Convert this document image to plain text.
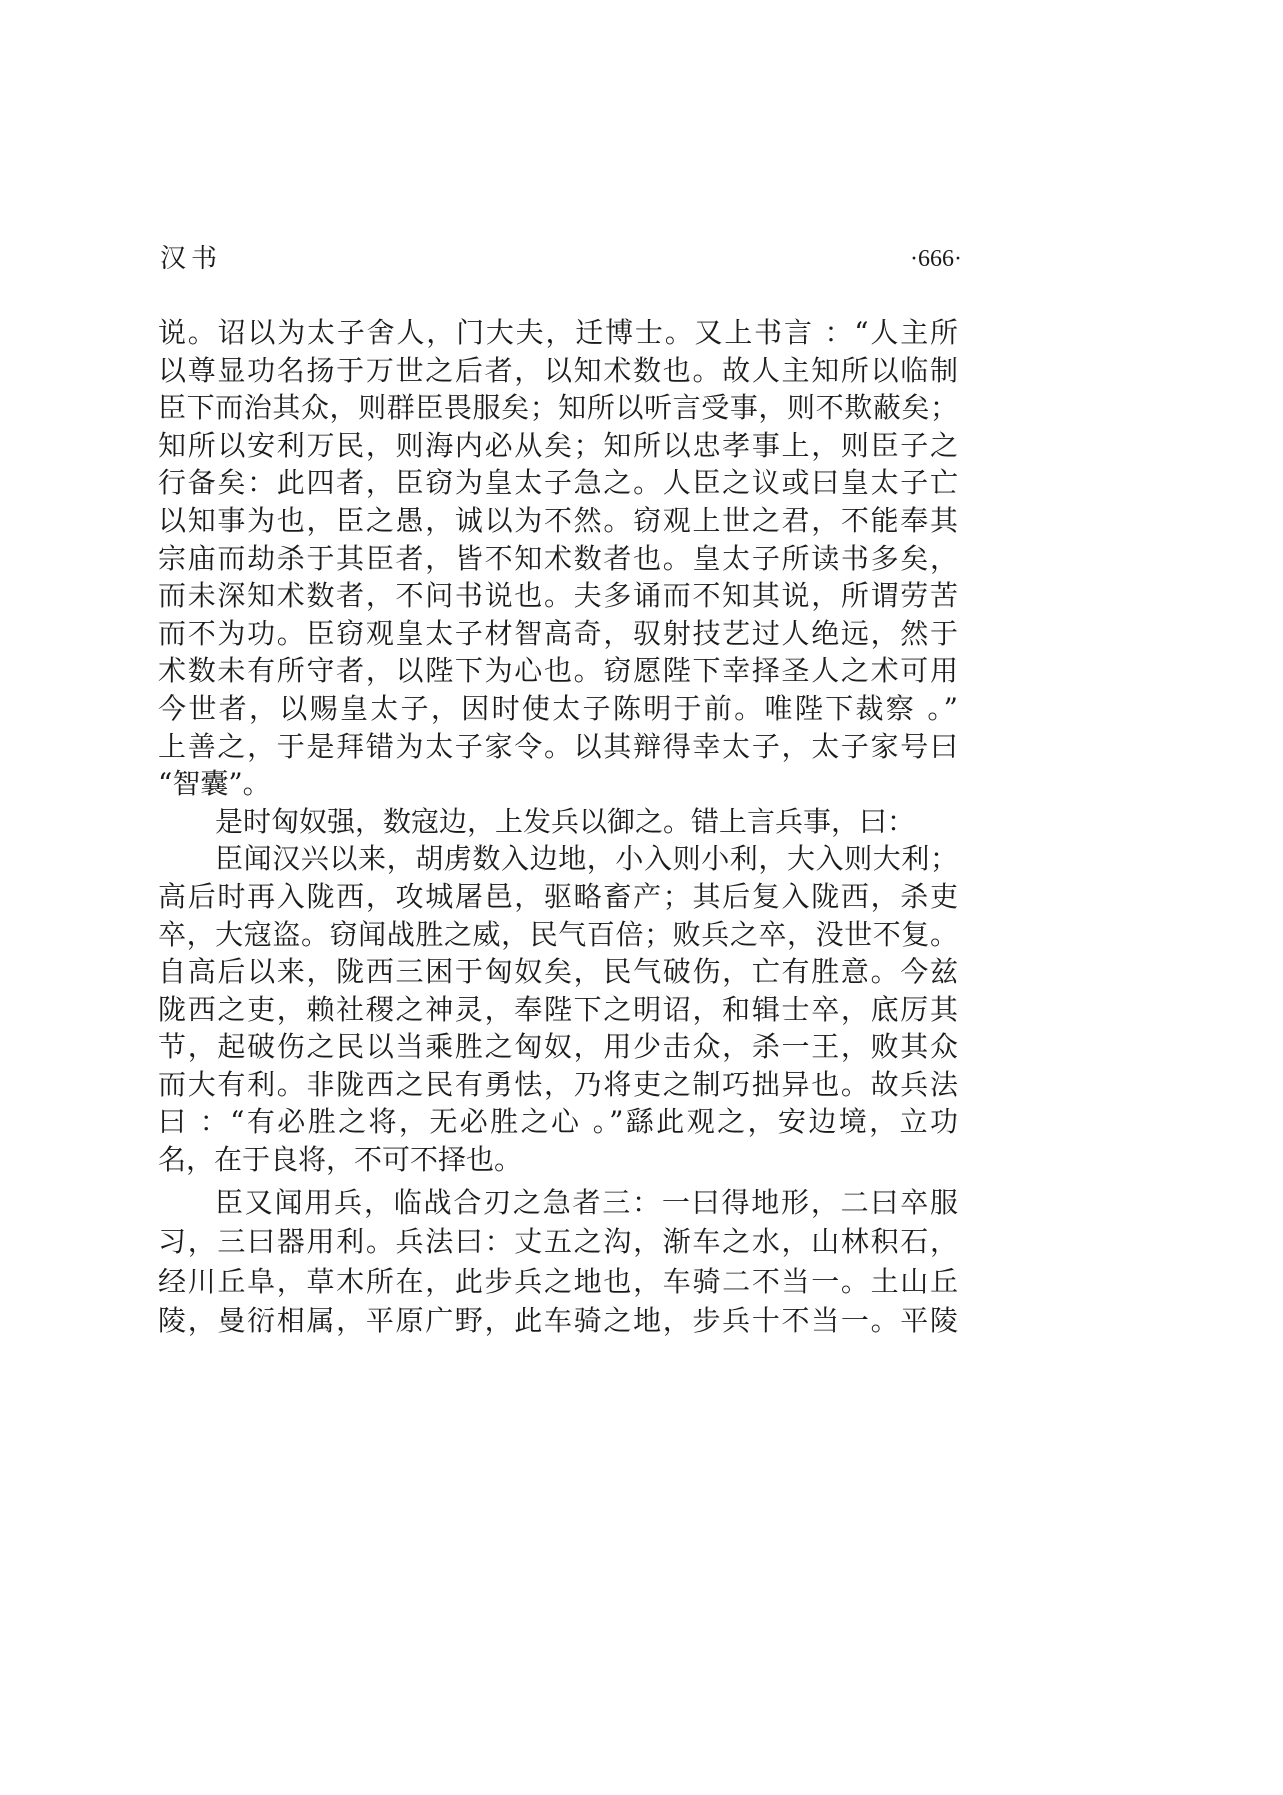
汉书	·666·
说。诏以为太子舍人，门大夫，迁博士。又上书言 ：“人主所
以尊显功名扬于万世之后者，以知术数也。故人主知所以临制
臣下而治其众，则群臣畏服矣；知所以听言受事，则不欺蔽矣；
知所以安利万民，则海内必从矣；知所以忠孝事上，则臣子之
行备矣：此四者，臣窃为皇太子急之。人臣之议或曰皇太子亡
以知事为也，臣之愚，诚以为不然。窃观上世之君，不能奉其
宗庙而劫杀于其臣者，皆不知术数者也。皇太子所读书多矣，
而未深知术数者，不问书说也。夫多诵而不知其说，所谓劳苦
而不为功。臣窃观皇太子材智高奇，驭射技艺过人绝远，然于
术数未有所守者，以陛下为心也。窃愿陛下幸择圣人之术可用
今世者，以赐皇太子，因时使太子陈明于前。唯陛下裁察 。”
上善之，于是拜错为太子家令。以其辩得幸太子，太子家号曰
“智囊”。
是时匈奴强，数寇边，上发兵以御之。错上言兵事，曰：
臣闻汉兴以来，胡虏数入边地，小入则小利，大入则大利；
高后时再入陇西，攻城屠邑，驱略畜产；其后复入陇西，杀吏
卒，大寇盗。窃闻战胜之威，民气百倍；败兵之卒，没世不复。
自高后以来，陇西三困于匈奴矣，民气破伤，亡有胜意。今兹
陇西之吏，赖社稷之神灵，奉陛下之明诏，和辑士卒，底厉其
节，起破伤之民以当乘胜之匈奴，用少击众，杀一王，败其众
而大有利。非陇西之民有勇怯，乃将吏之制巧拙异也。故兵法
曰 ：“有必胜之将，无必胜之心 。”繇此观之，安边境，立功
名，在于良将，不可不择也。
臣又闻用兵，临战合刃之急者三：一曰得地形，二曰卒服
习，三曰器用利。兵法曰：丈五之沟，渐车之水，山林积石，
经川丘阜，草木所在，此步兵之地也，车骑二不当一。土山丘
陵，曼衍相属，平原广野，此车骑之地，步兵十不当一。平陵
